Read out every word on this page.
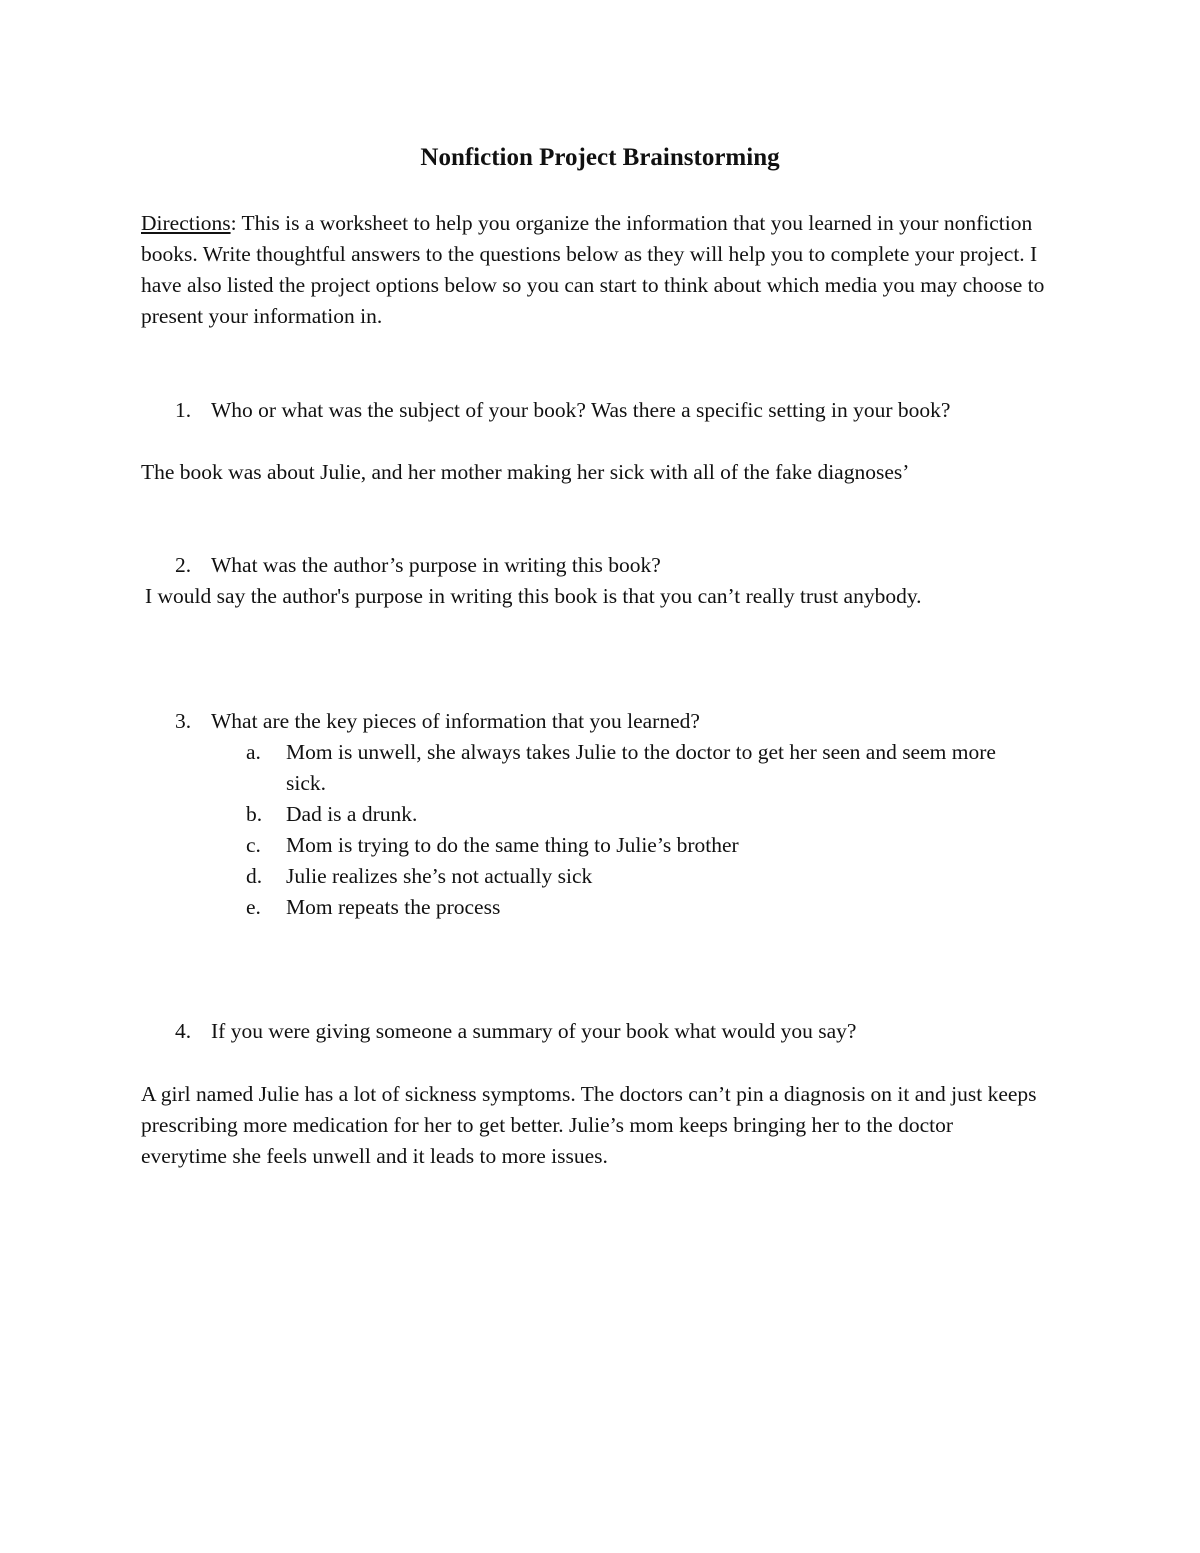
Nonfiction Project Brainstorming
Directions: This is a worksheet to help you organize the information that you learned in your nonfiction books. Write thoughtful answers to the questions below as they will help you to complete your project. I have also listed the project options below so you can start to think about which media you may choose to present your information in.
1. Who or what was the subject of your book? Was there a specific setting in your book?
The book was about Julie, and her mother making her sick with all of the fake diagnoses’
2. What was the author’s purpose in writing this book?
I would say the author's purpose in writing this book is that you can’t really trust anybody.
3. What are the key pieces of information that you learned?
a.	Mom is unwell, she always takes Julie to the doctor to get her seen and seem more sick.
b.	Dad is a drunk.
c.	Mom is trying to do the same thing to Julie’s brother
d.	Julie realizes she’s not actually sick
e.	Mom repeats the process
4. If you were giving someone a summary of your book what would you say?
A girl named Julie has a lot of sickness symptoms. The doctors can’t pin a diagnosis on it and just keeps prescribing more medication for her to get better. Julie’s mom keeps bringing her to the doctor everytime she feels unwell and it leads to more issues.
